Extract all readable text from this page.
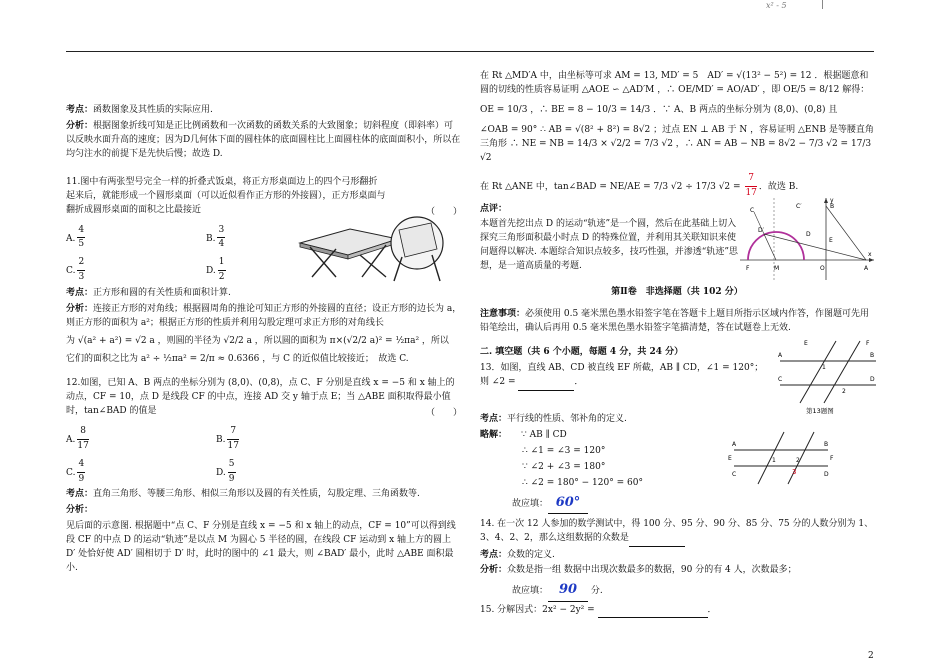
x² - 5

考点：函数图象及其性质的实际应用.

分析：根据图象折线可知是正比例函数和一次函数的函数关系的大致图象；切斜程度（即斜率）可以反映水面升高的速度；因为D几何体下面的圆柱体的底面圆柱比上面圆柱体的底面面积小，所以在均匀注水的前提下是先快后慢；故选 D.

11.图中有两张型号完全一样的折叠式饭桌，将正方形桌面边上的四个弓形翻折起来后，就能形成一个圆形桌面（可以近似看作正方形的外接圆），正方形桌面与翻折成圆形桌面的面积之比最接近	（　　）

A. $\frac{4}{5}$	B. $\frac{3}{4}$
C. $\frac{2}{3}$	D. $\frac{1}{2}$

考点：正方形和圆的有关性质和面积计算.

分析：连接正方形的对角线；根据圆周角的推论可知正方形的外接圆的直径；设正方形的边长为 a，则正方形的面积为 a²；根据正方形的性质并利用勾股定理可求正方形的对角线长

为 √(a² + a²) = √2 a ，则圆的半径为 √2/2 a ，所以圆的面积为 π×(√2/2 a)² = ½πa² ，所以

它们的面积之比为 a² ÷ ½πa² = 2/π ≈ 0.6366 ，与 C 的近似值比较接近；　故选 C.

12.如图，已知 A、B 两点的坐标分别为 (8,0)、(0,8)，点 C、F 分别是直线 x = −5 和 x 轴上的动点，CF = 10，点 D 是线段 CF 的中点，连接 AD 交 y 轴于点 E；当 △ABE 面积取得最小值时，tan∠BAD 的值是	（　　）

A. $\frac{8}{17}$	B. $\frac{7}{17}$

C. $\frac{4}{9}$	D. $\frac{5}{9}$

考点：直角三角形、等腰三角形、相似三角形以及圆的有关性质，勾股定理、三角函数等.

分析：

见后面的示意图. 根据题中“点 C、F 分别是直线 x = −5 和 x 轴上的动点，CF = 10”可以得到线段 CF 的中点 D 的运动“轨迹”是以点 M 为圆心 5 半径的圆，在线段 CF 运动到 x 轴上方的圆上 D′ 处恰好使 AD′ 圆相切于 D′ 时，此时的图中的 ∠1 最大，则 ∠BAD′ 最小，此时 △ABE 面积最小.

在 Rt △MD′A 中，由坐标等可求 AM = 13, MD′ = 5　AD′ = √(13² − 5²) = 12 ．根据题意和圆的切线的性质容易证明 △AOE ∽ △AD′M ，∴ OE/MD′ = AO/AD′ ，即 OE/5 = 8/12 解得：

OE = 10/3 ，∴ BE = 8 − 10/3 = 14/3 ．∵ A、B 两点的坐标分别为 (8,0)、(0,8) 且

∠OAB = 90° ∴ AB = √(8² + 8²) = 8√2 ；过点 EN ⊥ AB 于 N ，容易证明 △ENB 是等腰直角三角形 ∴ NE = NB = 14/3 × √2/2 = 7/3 √2 ，∴ AN = AB − NB = 8√2 − 7/3 √2 = 17/3 √2

在 Rt △ANE 中，tan∠BAD = NE/AE = 7/3 √2 ÷ 17/3 $√2 = \frac{7}{17}$ ．故选 B.

点评：

本题首先挖出点 D 的运动“轨迹”是一个圆，然后在此基础上切入探究三角形面积最小时点 D 的特殊位置，并利用其关联知识来使问题得以解决. 本题综合知识点较多，技巧性强，并渗透“轨迹”思想，是一道高质量的考题.

第Ⅱ卷　非选择题（共 102 分）

注意事项：必须使用 0.5 毫米黑色墨水铅签字笔在答题卡上题目所指示区域内作答，作图题可先用铅笔绘出，确认后再用 0.5 毫米黑色墨水铅签字笔描清楚，答在试题卷上无效.

二. 填空题（共 6 个小题，每题 4 分，共 24 分）

13．如图，直线 AB、CD 被直线 EF 所截，AB ∥ CD，∠1 = 120°；则 ∠2 =	．

考点：平行线的性质、邻补角的定义.

略解： ∵ AB ∥ CD

∴ ∠1 = ∠3 = 120°

∵ ∠2 + ∠3 = 180°

∴ ∠2 = 180° − 120° = 60°

故应填： 60°

14. 在一次 12 人参加的数学测试中，得 100 分、95 分、90 分、85 分、75 分的人数分别为 1、3、4、2、2，那么这组数据的众数是

考点：众数的定义.

分析：众数是指一组 数据中出现次数最多的数据，90 分的有 4 人，次数最多；

故应填： 90 分.

15. 分解因式：2x² − 2y² =	．

C′
E
A
M
D
F	O
B
x
y
C
D′
A	B
C	D
E	F
1
2
第13题图
A	B
C	D
E	F
1	2
3
2
